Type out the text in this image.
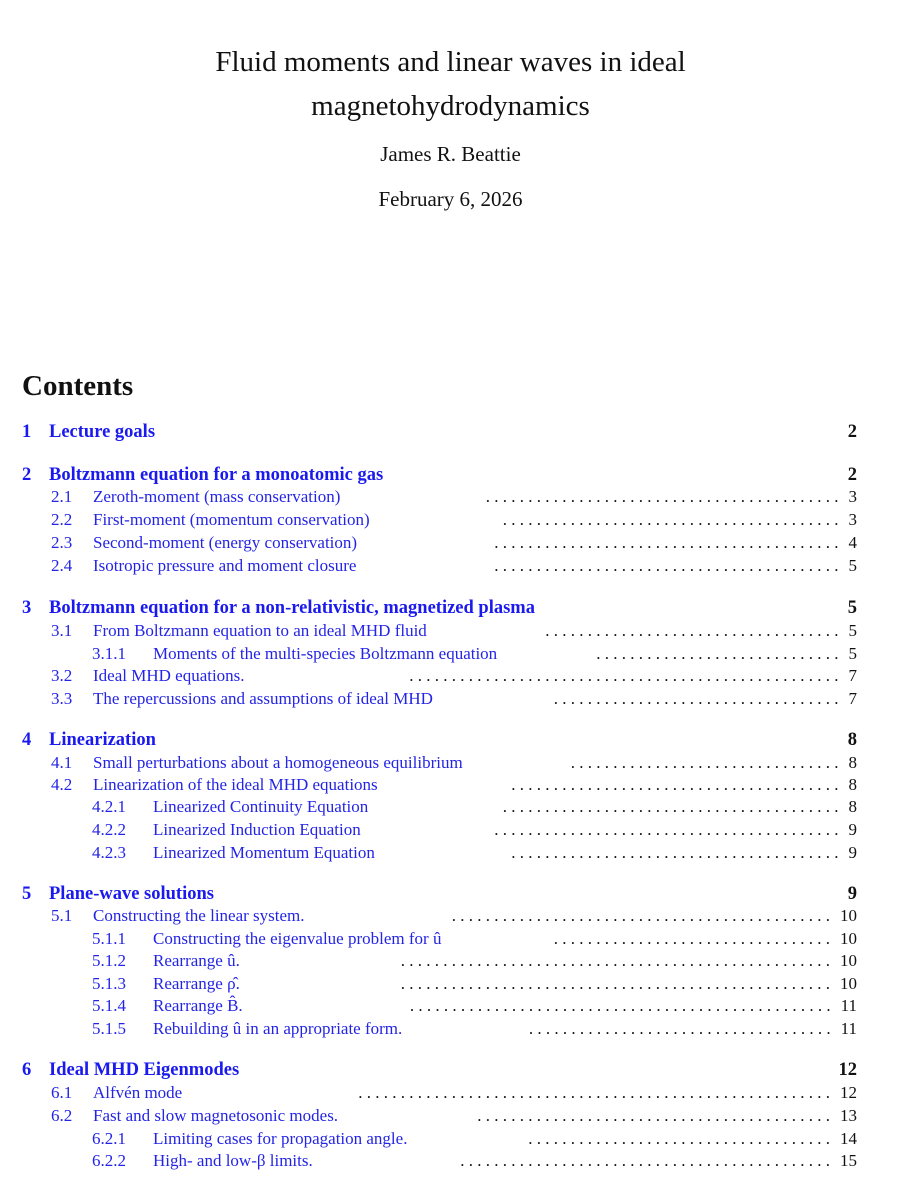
Fluid moments and linear waves in ideal
magnetohydrodynamics
James R. Beattie
February 6, 2026
Contents
1 Lecture goals	2
2 Boltzmann equation for a monoatomic gas	2
2.1 Zeroth-moment (mass conservation)	. . . . . . . . . . . . . . . . . . . . . . . . . . . . . . . . . . . . . . . . . . 3
2.2 First-moment (momentum conservation)	. . . . . . . . . . . . . . . . . . . . . . . . . . . . . . . . . . . . . . . . 3
2.3 Second-moment (energy conservation)	. . . . . . . . . . . . . . . . . . . . . . . . . . . . . . . . . . . . . . . . . 4
2.4 Isotropic pressure and moment closure	. . . . . . . . . . . . . . . . . . . . . . . . . . . . . . . . . . . . . . . . . 5
3 Boltzmann equation for a non-relativistic, magnetized plasma	5
3.1 From Boltzmann equation to an ideal MHD fluid	. . . . . . . . . . . . . . . . . . . . . . . . . . . . . . . . . . . 5
3.1.1 Moments of the multi-species Boltzmann equation	. . . . . . . . . . . . . . . . . . . . . . . . . . . . . 5
3.2 Ideal MHD equations.	. . . . . . . . . . . . . . . . . . . . . . . . . . . . . . . . . . . . . . . . . . . . . . . . . . . 7
3.3 The repercussions and assumptions of ideal MHD	. . . . . . . . . . . . . . . . . . . . . . . . . . . . . . . . . . 7
4 Linearization	8
4.1 Small perturbations about a homogeneous equilibrium	. . . . . . . . . . . . . . . . . . . . . . . . . . . . . . . . 8
4.2 Linearization of the ideal MHD equations	. . . . . . . . . . . . . . . . . . . . . . . . . . . . . . . . . . . . . . . 8
4.2.1 Linearized Continuity Equation	. . . . . . . . . . . . . . . . . . . . . . . . . . . . . . . . . . . . . . . . 8
4.2.2 Linearized Induction Equation	. . . . . . . . . . . . . . . . . . . . . . . . . . . . . . . . . . . . . . . . . 9
4.2.3 Linearized Momentum Equation	. . . . . . . . . . . . . . . . . . . . . . . . . . . . . . . . . . . . . . . 9
5 Plane-wave solutions	9
5.1 Constructing the linear system.	. . . . . . . . . . . . . . . . . . . . . . . . . . . . . . . . . . . . . . . . . . . . . 10
5.1.1 Constructing the eigenvalue problem for û	. . . . . . . . . . . . . . . . . . . . . . . . . . . . . . . . . 10
5.1.2 Rearrange û.	. . . . . . . . . . . . . . . . . . . . . . . . . . . . . . . . . . . . . . . . . . . . . . . . . . . 10
5.1.3 Rearrange ρ̂.	. . . . . . . . . . . . . . . . . . . . . . . . . . . . . . . . . . . . . . . . . . . . . . . . . . . 10
5.1.4 Rearrange B̂.	. . . . . . . . . . . . . . . . . . . . . . . . . . . . . . . . . . . . . . . . . . . . . . . . . . 11
5.1.5 Rebuilding û in an appropriate form.	. . . . . . . . . . . . . . . . . . . . . . . . . . . . . . . . . . . . 11
6 Ideal MHD Eigenmodes	12
6.1 Alfvén mode	. . . . . . . . . . . . . . . . . . . . . . . . . . . . . . . . . . . . . . . . . . . . . . . . . . . . . . . . 12
6.2 Fast and slow magnetosonic modes.	. . . . . . . . . . . . . . . . . . . . . . . . . . . . . . . . . . . . . . . . . . 13
6.2.1 Limiting cases for propagation angle.	. . . . . . . . . . . . . . . . . . . . . . . . . . . . . . . . . . . . 14
6.2.2 High- and low-β limits.	. . . . . . . . . . . . . . . . . . . . . . . . . . . . . . . . . . . . . . . . . . . . 15
